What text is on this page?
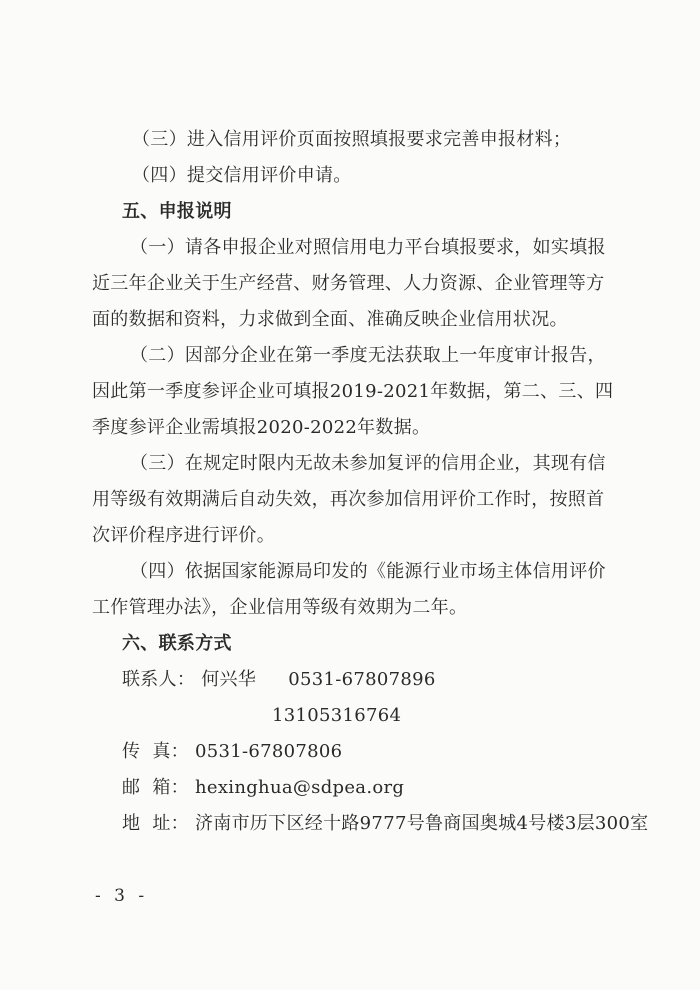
（三）进入信用评价页面按照填报要求完善申报材料；
（四）提交信用评价申请。
五、申报说明
（一）请各申报企业对照信用电力平台填报要求，如实填报
近三年企业关于生产经营、财务管理、人力资源、企业管理等方
面的数据和资料，力求做到全面、准确反映企业信用状况。
（二）因部分企业在第一季度无法获取上一年度审计报告，
因此第一季度参评企业可填报2019-2021年数据，第二、三、四
季度参评企业需填报2020-2022年数据。
（三）在规定时限内无故未参加复评的信用企业，其现有信
用等级有效期满后自动失效，再次参加信用评价工作时，按照首
次评价程序进行评价。
（四）依据国家能源局印发的《能源行业市场主体信用评价
工作管理办法》，企业信用等级有效期为二年。
六、联系方式
联系人： 何兴华 0531-67807896
13105316764
传  真： 0531-67807806
邮  箱： hexinghua@sdpea.org
地  址： 济南市历下区经十路9777号鲁商国奥城4号楼3层300室
- 3 -
